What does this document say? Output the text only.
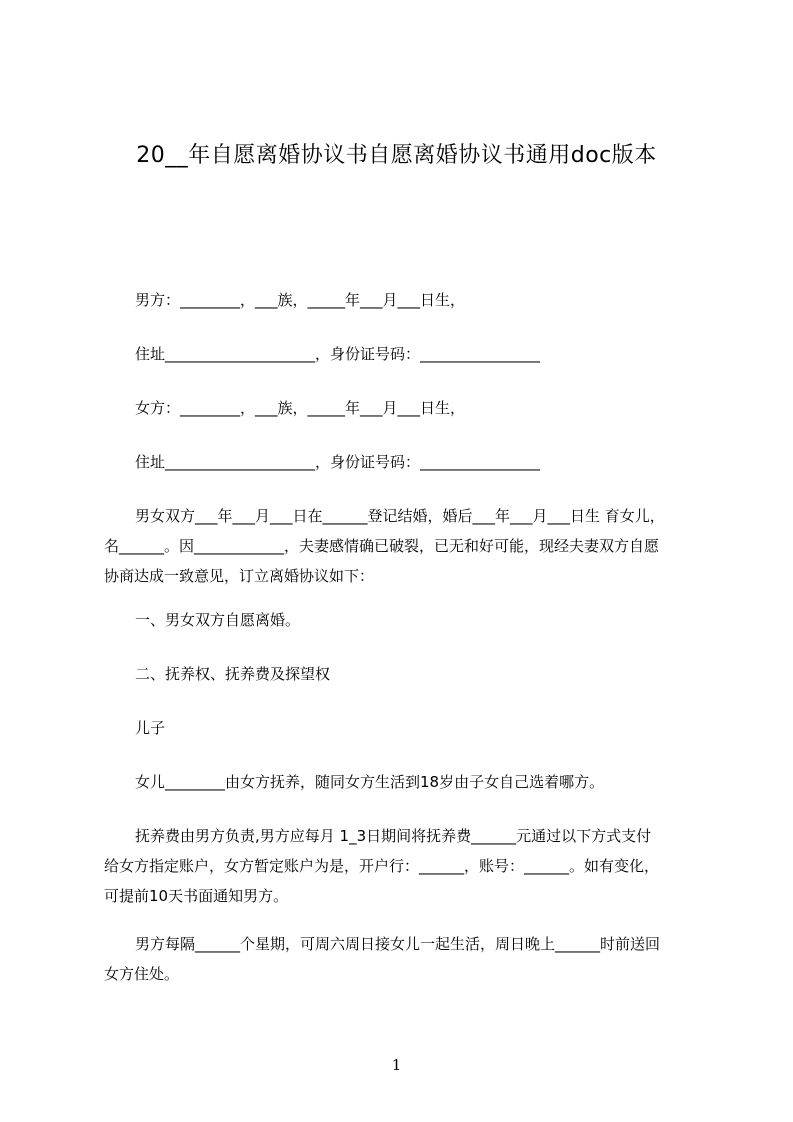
20__年自愿离婚协议书自愿离婚协议书通用doc版本
男方：________，___族，_____年___月___日生，
住址____________________，身份证号码：________________
女方：________，___族，_____年___月___日生，
住址____________________，身份证号码：________________
男女双方___年___月___日在______登记结婚，婚后___年___月___日生 育女儿，
名______。因____________，夫妻感情确已破裂，已无和好可能，现经夫妻双方自愿
协商达成一致意见，订立离婚协议如下：
一、男女双方自愿离婚。
二、抚养权、抚养费及探望权
儿子
女儿________由女方抚养，随同女方生活到18岁由子女自己选着哪方。
抚养费由男方负责,男方应每月 1_3日期间将抚养费______元通过以下方式支付
给女方指定账户，女方暂定账户为是，开户行：______，账号：______。如有变化，
可提前10天书面通知男方。
男方每隔______个星期，可周六周日接女儿一起生活，周日晚上______时前送回
女方住处。
1
